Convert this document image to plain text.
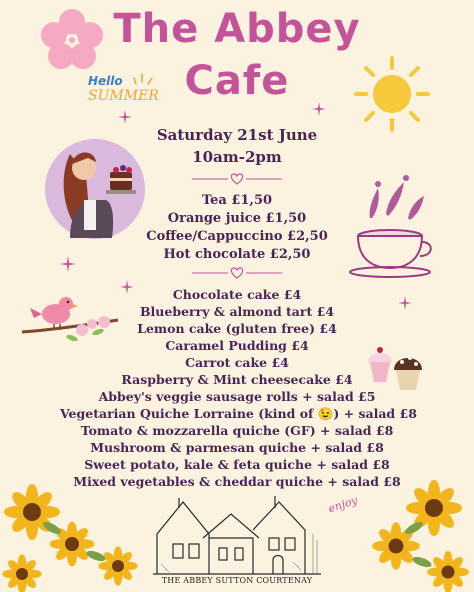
The Abbey
Cafe
Hello
SUMMER
Saturday 21st June
10am-2pm
Tea £1,50
Orange juice £1,50
Coffee/Cappuccino £2,50
Hot chocolate £2,50
Chocolate cake £4
Blueberry & almond tart £4
Lemon cake (gluten free) £4
Caramel Pudding £4
Carrot cake £4
Raspberry & Mint cheesecake £4
Abbey's veggie sausage rolls + salad £5
Vegetarian Quiche Lorraine (kind of 😉) + salad £8
Tomato & mozzarella quiche (GF) + salad £8
Mushroom & parmesan quiche + salad £8
Sweet potato, kale & feta quiche + salad £8
Mixed vegetables & cheddar quiche + salad £8
enjoy
THE ABBEY SUTTON COURTENAY
